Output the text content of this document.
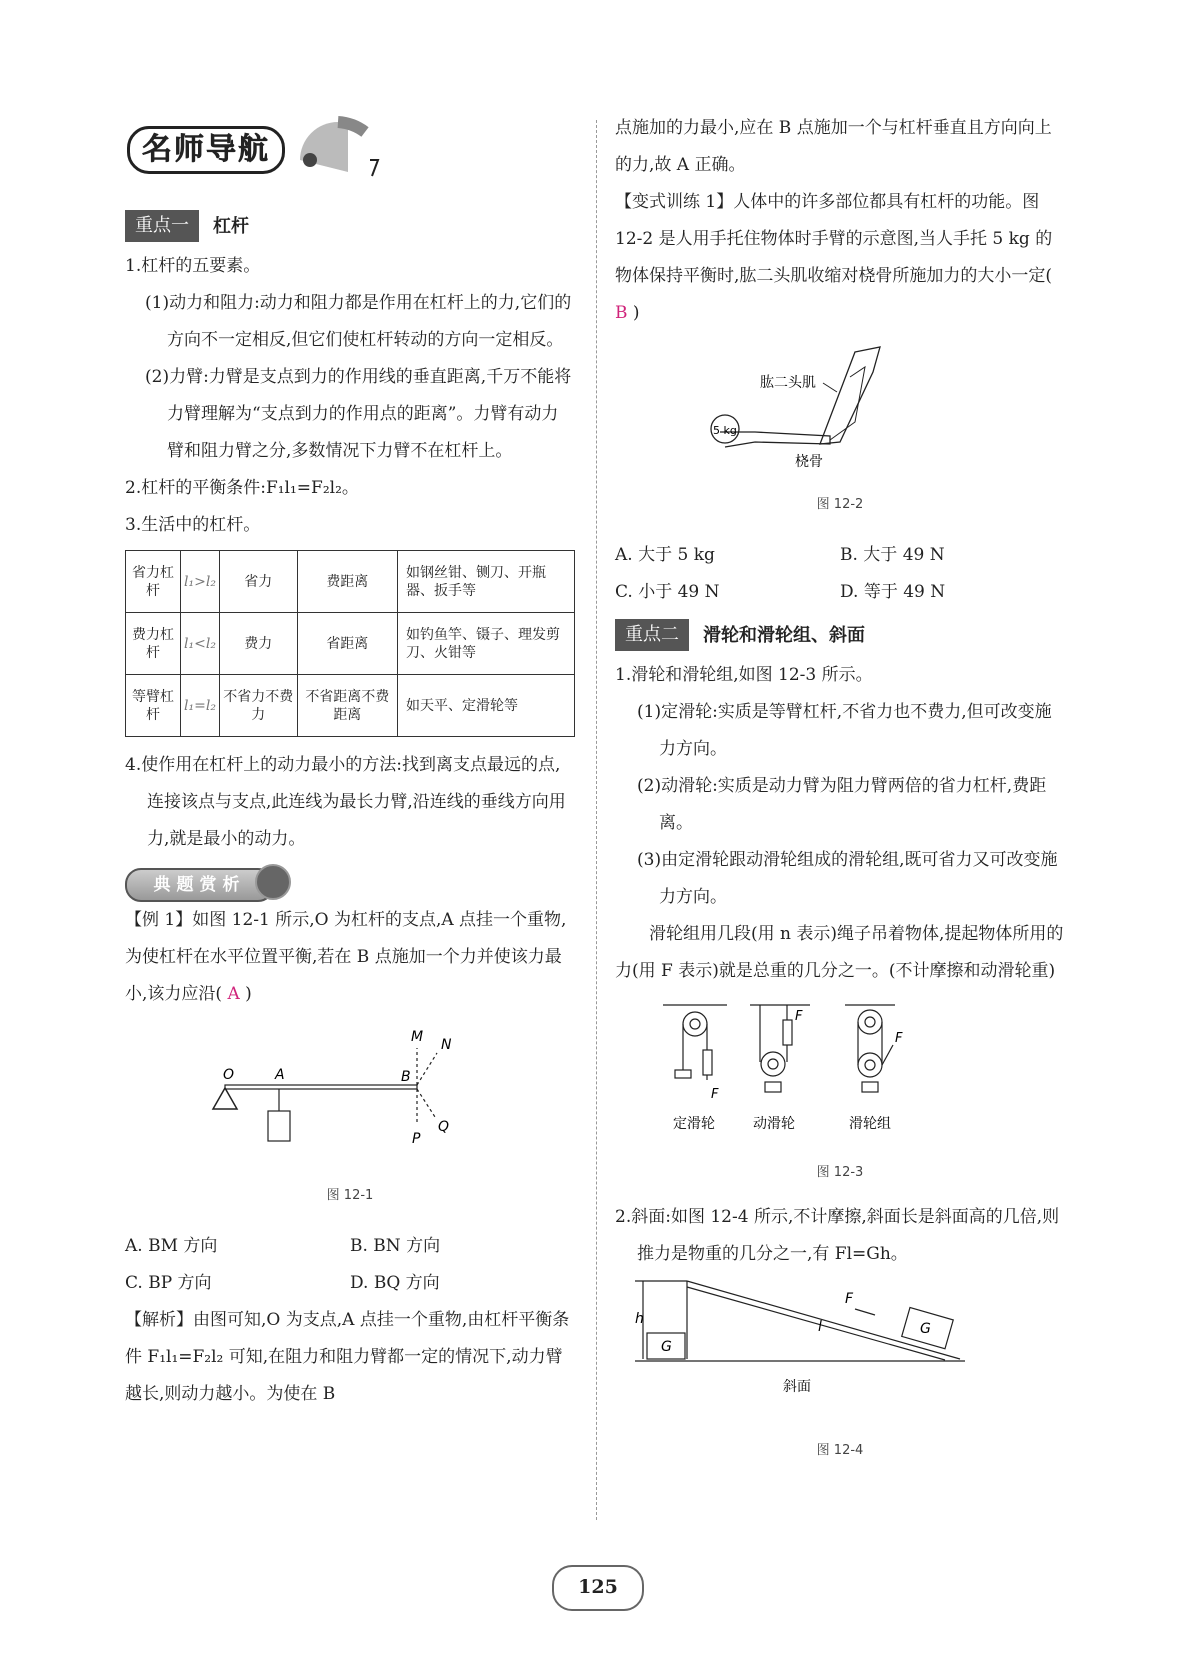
名师导航
重点一	杠杆

1.杠杆的五要素。

(1)动力和阻力:动力和阻力都是作用在杠杆上的力,它们的方向不一定相反,但它们使杠杆转动的方向一定相反。

(2)力臂:力臂是支点到力的作用线的垂直距离,千万不能将力臂理解为“支点到力的作用点的距离”。力臂有动力臂和阻力臂之分,多数情况下力臂不在杠杆上。

2.杠杆的平衡条件:F₁l₁=F₂l₂。

3.生活中的杠杆。

省力杠杆	l₁>l₂	省力	费距离	如钢丝钳、铡刀、开瓶器、扳手等
费力杠杆	l₁<l₂	费力	省距离	如钓鱼竿、镊子、理发剪刀、火钳等
等臂杠杆	l₁=l₂	不省力不费力	不省距离不费距离	如天平、定滑轮等

4.使作用在杠杆上的动力最小的方法:找到离支点最远的点,连接该点与支点,此连线为最长力臂,沿连线的垂线方向用力,就是最小的动力。

典题赏析

【例 1】如图 12-1 所示,O 为杠杆的支点,A 点挂一个重物,为使杠杆在水平位置平衡,若在 B 点施加一个力并使该力最小,该力应沿( A )

O	A	B
M N
P
Q
图 12-1
A. BM 方向	B. BN 方向
C. BP 方向	D. BQ 方向

【解析】由图可知,O 为支点,A 点挂一个重物,由杠杆平衡条件 F₁l₁=F₂l₂ 可知,在阻力和阻力臂都一定的情况下,动力臂越长,则动力越小。为使在 B

点施加的力最小,应在 B 点施加一个与杠杆垂直且方向向上的力,故 A 正确。

【变式训练 1】人体中的许多部位都具有杠杆的功能。图 12-2 是人用手托住物体时手臂的示意图,当人手托 5 kg 的物体保持平衡时,肱二头肌收缩对桡骨所施加力的大小一定( B )

5 kg
肱二头肌
桡骨
图 12-2
A. 大于 5 kg	B. 大于 49 N
C. 小于 49 N	D. 等于 49 N
重点二	滑轮和滑轮组、斜面

1.滑轮和滑轮组,如图 12-3 所示。

(1)定滑轮:实质是等臂杠杆,不省力也不费力,但可改变施力方向。

(2)动滑轮:实质是动力臂为阻力臂两倍的省力杠杆,费距离。

(3)由定滑轮跟动滑轮组成的滑轮组,既可省力又可改变施力方向。

滑轮组用几段(用 n 表示)绳子吊着物体,提起物体所用的力(用 F 表示)就是总重的几分之一。(不计摩擦和动滑轮重)

F
F
F
定滑轮	动滑轮	滑轮组
图 12-3

2.斜面:如图 12-4 所示,不计摩擦,斜面长是斜面高的几倍,则推力是物重的几分之一,有 Fl=Gh。

h	l
F
G
G
斜面
图 12-4
125
